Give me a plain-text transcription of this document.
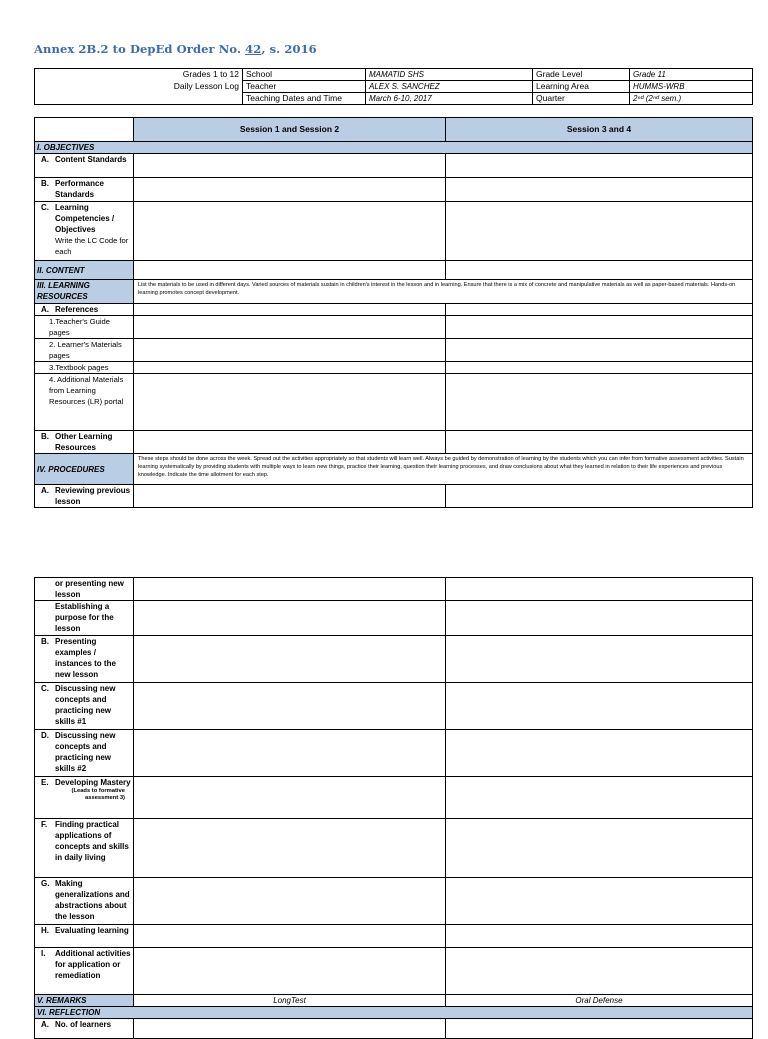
Annex 2B.2 to DepEd Order No. 42, s. 2016
Grades 1 to 12	School	MAMATID SHS	Grade Level	Grade 11
Daily Lesson Log	Teacher	ALEX S. SANCHEZ	Learning Area	HUMMS-WRB
	Teaching Dates and Time	March 6-10, 2017	Quarter	2ⁿᵈ (2ⁿᵈ sem.)
	Session 1 and Session 2	Session 3 and 4
I. OBJECTIVES		

A. Content Standards		

B. Performance Standards		

C. Learning Competencies / Objectives
Write the LC Code for each		

II. CONTENT		
III. LEARNING RESOURCES	List the materials to be used in different days. Varied sources of materials sustain in children's interest in the lesson and in learning. Ensure that there is a mix of concrete and manipulative materials as well as paper-based materials. Hands-on learning promotes concept development.	

A. References		

1.Teacher's Guide pages		
2. Learner's Materials pages		
3.Textbook pages		
4. Additional Materials from Learning Resources (LR) portal		

B. Other Learning Resources		

IV. PROCEDURES	These steps should be done across the week. Spread out the activities appropriately so that students will learn well. Always be guided by demonstration of learning by the students which you can infer from formative assessment activities. Sustain learning systematically by providing students with multiple ways to learn new things, practice their learning, question their learning processes, and draw conclusions about what they learned in relation to their life experiences and previous knowledge. Indicate the time allotment for each step.	

A. Reviewing previous lesson		

or presenting new lesson		

Establishing a purpose for the lesson		

B. Presenting examples / instances to the new lesson		

C. Discussing new concepts and practicing new skills #1		

D. Discussing new concepts and practicing new skills #2		

E. Developing Mastery
(Leads to formative assessment 3)		

F. Finding practical applications of concepts and skills in daily living		

G. Making generalizations and abstractions about the lesson		

H. Evaluating learning		

I. Additional activities for application or remediation		

V. REMARKS	LongTest	Oral Defense
VI. REFLECTION		

A. No. of learners		
